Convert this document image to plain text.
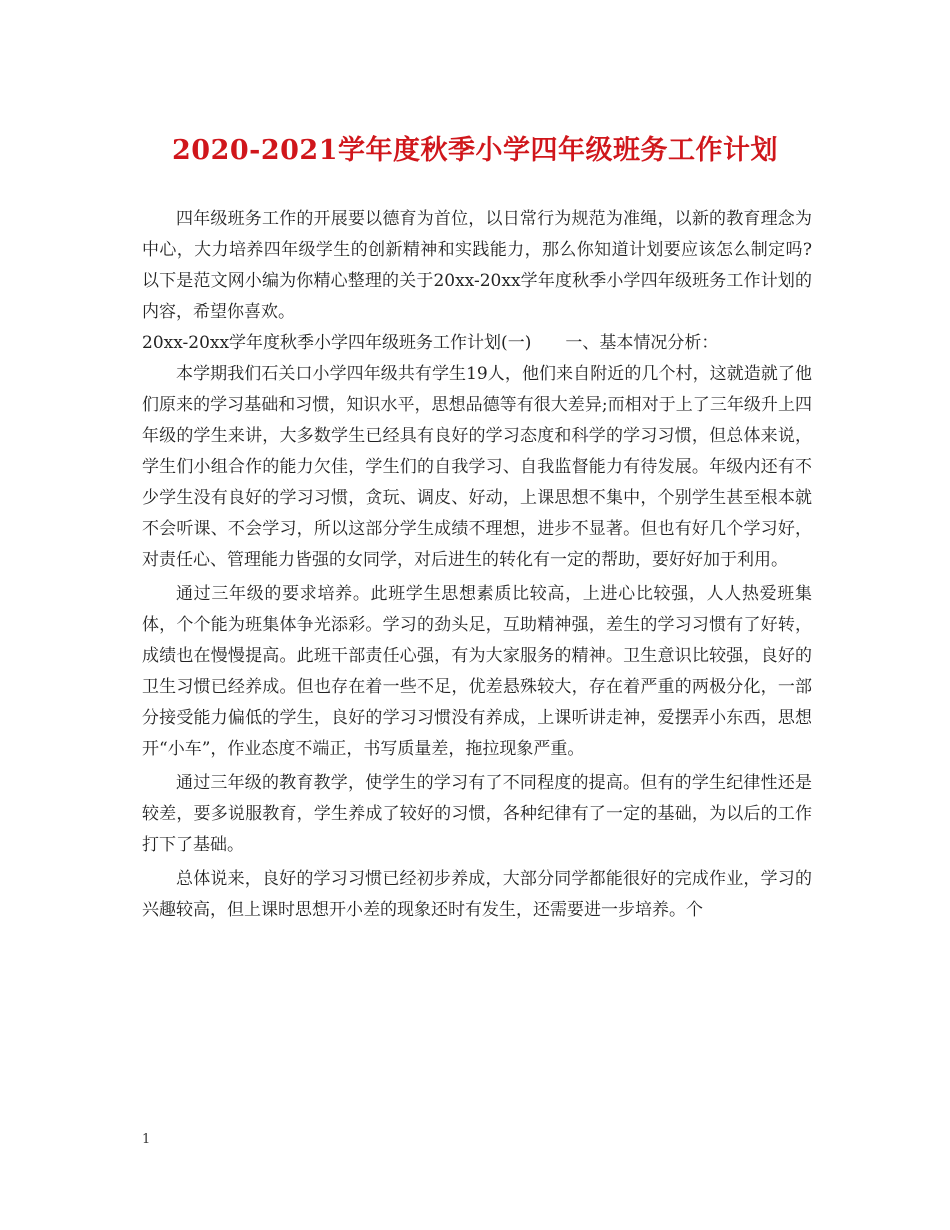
2020-2021学年度秋季小学四年级班务工作计划

四年级班务工作的开展要以德育为首位，以日常行为规范为准绳，以新的教育理念为中心，大力培养四年级学生的创新精神和实践能力，那么你知道计划要应该怎么制定吗?以下是范文网小编为你精心整理的关于20xx-20xx学年度秋季小学四年级班务工作计划的内容，希望你喜欢。

20xx-20xx学年度秋季小学四年级班务工作计划(一)　　一、基本情况分析：

本学期我们石关口小学四年级共有学生19人，他们来自附近的几个村，这就造就了他们原来的学习基础和习惯，知识水平，思想品德等有很大差异;而相对于上了三年级升上四年级的学生来讲，大多数学生已经具有良好的学习态度和科学的学习习惯，但总体来说，学生们小组合作的能力欠佳，学生们的自我学习、自我监督能力有待发展。年级内还有不少学生没有良好的学习习惯，贪玩、调皮、好动，上课思想不集中，个别学生甚至根本就不会听课、不会学习，所以这部分学生成绩不理想，进步不显著。但也有好几个学习好，对责任心、管理能力皆强的女同学，对后进生的转化有一定的帮助，要好好加于利用。

通过三年级的要求培养。此班学生思想素质比较高，上进心比较强，人人热爱班集体，个个能为班集体争光添彩。学习的劲头足，互助精神强，差生的学习习惯有了好转，成绩也在慢慢提高。此班干部责任心强，有为大家服务的精神。卫生意识比较强，良好的卫生习惯已经养成。但也存在着一些不足，优差悬殊较大，存在着严重的两极分化，一部分接受能力偏低的学生，良好的学习习惯没有养成，上课听讲走神，爱摆弄小东西，思想开“小车”，作业态度不端正，书写质量差，拖拉现象严重。

通过三年级的教育教学，使学生的学习有了不同程度的提高。但有的学生纪律性还是较差，要多说服教育，学生养成了较好的习惯，各种纪律有了一定的基础，为以后的工作打下了基础。

总体说来，良好的学习习惯已经初步养成，大部分同学都能很好的完成作业，学习的兴趣较高，但上课时思想开小差的现象还时有发生，还需要进一步培养。个

1
